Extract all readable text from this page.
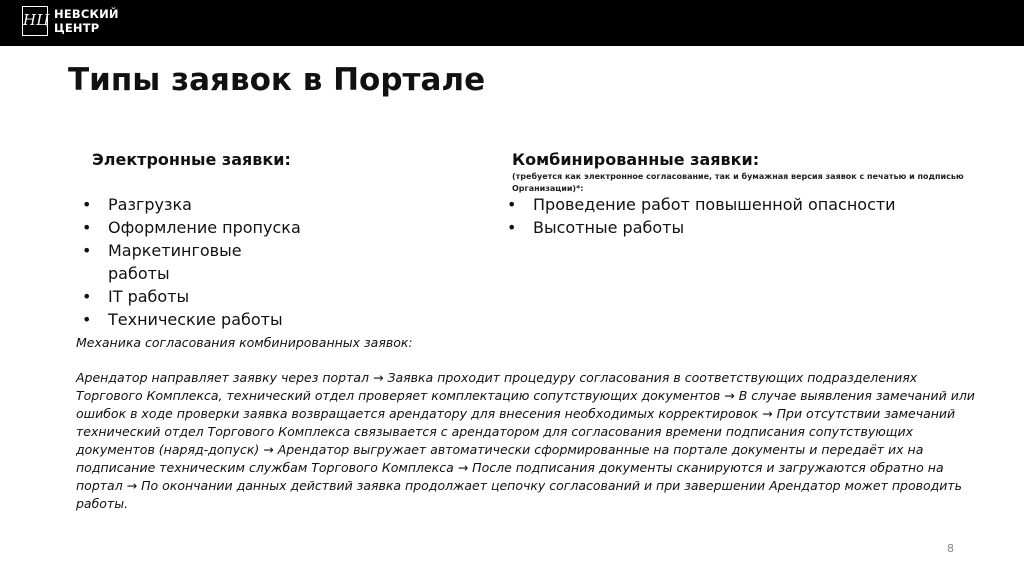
НЦ НЕВСКИЙ
ЦЕНТР
Типы заявок в Портале
Электронные заявки:	Комбинированные заявки:
(требуется как электронное согласование, так и бумажная версия заявок с печатью и подписью Организации)*:
• Разгрузка
• Оформление пропуска
• Маркетинговые работы
• IT работы
• Технические работы
• Проведение работ повышенной опасности
• Высотные работы
Механика согласования комбинированных заявок:
Арендатор направляет заявку через портал → Заявка проходит процедуру согласования в соответствующих подразделениях Торгового Комплекса, технический отдел проверяет комплектацию сопутствующих документов → В случае выявления замечаний или ошибок в ходе проверки заявка возвращается арендатору для внесения необходимых корректировок → При отсутствии замечаний технический отдел Торгового Комплекса связывается с арендатором для согласования времени подписания сопутствующих документов (наряд-допуск) → Арендатор выгружает автоматически сформированные на портале документы и передаёт их на подписание техническим службам Торгового Комплекса → После подписания документы сканируются и загружаются обратно на портал → По окончании данных действий заявка продолжает цепочку согласований и при завершении Арендатор может проводить работы.
8
